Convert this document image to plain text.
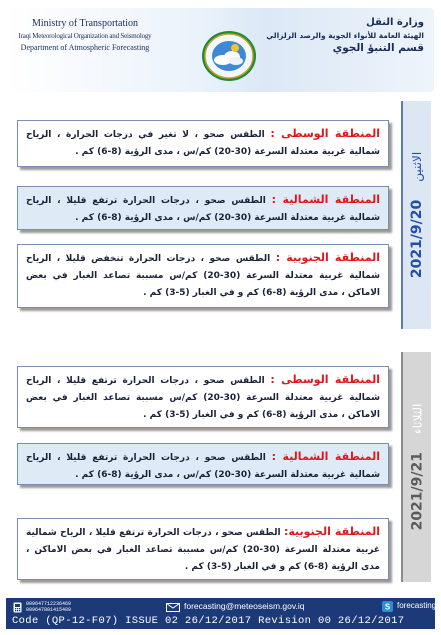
Ministry of Transportation
Iraqi Meteorological Organization and Seismology
Department of Atmospheric Forecasting
وزارة النقل
الهيئة العامة للأنواء الجوية والرصد الزلزالي
قسم التنبؤ الجوي
2021/9/20
الاثنين
المنطقة الوسطى : الطقس صحو ، لا تغير في درجات الحرارة ، الرياح شمالية غربية معتدلة السرعة (30-20) كم/س ، مدى الرؤية (8-6) كم .
المنطقة الشمالية : الطقس صحو ، درجات الحرارة ترتفع قليلا ، الرياح شمالية غربية معتدلة السرعة (30-20) كم/س ، مدى الرؤية (8-6) كم .
المنطقة الجنوبية : الطقس صحو ، درجات الحرارة تنخفض قليلا ، الرياح شمالية غربية معتدلة السرعة (30-20) كم/س مسببة تصاعد الغبار في بعض الاماكن ، مدى الرؤية (8-6) كم و في الغبار (5-3) كم .
2021/9/21
الثلاثاء
المنطقة الوسطى : الطقس صحو ، درجات الحرارة ترتفع قليلا ، الرياح شمالية غربية معتدلة السرعة (30-20) كم/س مسببة تصاعد الغبار في بعض الاماكن ، مدى الرؤية (8-6) كم و في الغبار (5-3) كم .
المنطقة الشمالية : الطقس صحو ، درجات الحرارة ترتفع قليلا ، الرياح شمالية غربية معتدلة السرعة (30-20) كم/س ، مدى الرؤية (8-6) كم .
المنطقة الجنوبية: الطقس صحو ، درجات الحرارة ترتفع قليلا ، الرياح شمالية غربية معتدلة السرعة (30-20) كم/س مسببة تصاعد الغبار في بعض الاماكن ، مدى الرؤية (8-6) كم و في الغبار (5-3) كم .
009647712236469
009647801415489	forecasting@meteoseism.gov.iq	S forecasting
Code (QP-12-F07) ISSUE 02 26/12/2017 Revision 00 26/12/2017
